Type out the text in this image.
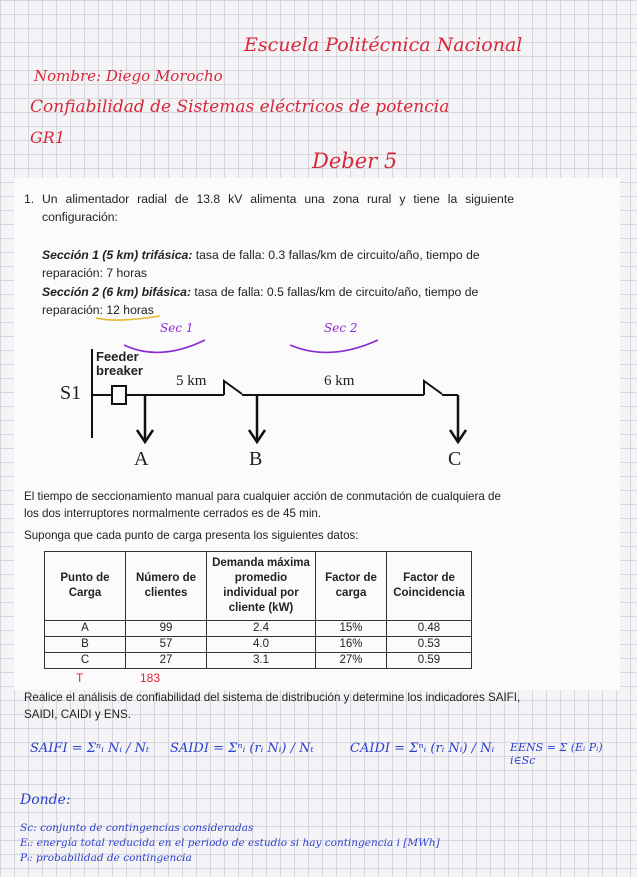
Escuela Politécnica Nacional
Nombre: Diego Morocho
Confiabilidad de Sistemas eléctricos de potencia
GR1
Deber 5
1. Un alimentador radial de 13.8 kV alimenta una zona rural y tiene la siguiente configuración:
Sección 1 (5 km) trifásica: tasa de falla: 0.3 fallas/km de circuito/año, tiempo de
reparación: 7 horas
Sección 2 (6 km) bifásica: tasa de falla: 0.5 fallas/km de circuito/año, tiempo de
reparación: 12 horas
Sec 1	Sec 2
Feeder
breaker
S1
5 km	6 km
A	B	C
El tiempo de seccionamiento manual para cualquier acción de conmutación de cualquiera de los dos interruptores normalmente cerrados es de 45 min.
Suponga que cada punto de carga presenta los siguientes datos:
Punto de Carga	Número de clientes	Demanda máxima promedio individual por cliente (kW)	Factor de carga	Factor de Coincidencia
A	99	2.4	15%	0.48
B	57	4.0	16%	0.53
C	27	3.1	27%	0.59
T	183
Realice el análisis de confiabilidad del sistema de distribución y determine los indicadores SAIFI, SAIDI, CAIDI y ENS.
SAIFI = Σⁿᵢ Nᵢ / Nₜ SAIDI = Σⁿᵢ (rᵢ Nᵢ) / Nₜ	CAIDI = Σⁿᵢ (rᵢ Nᵢ) / Nᵢ EENS = Σ (Eᵢ Pᵢ) i∈Sc
Donde:
Sc: conjunto de contingencias consideradas
Eᵢ: energía total reducida en el periodo de estudio si hay contingencia i [MWh]
Pᵢ: probabilidad de contingencia
